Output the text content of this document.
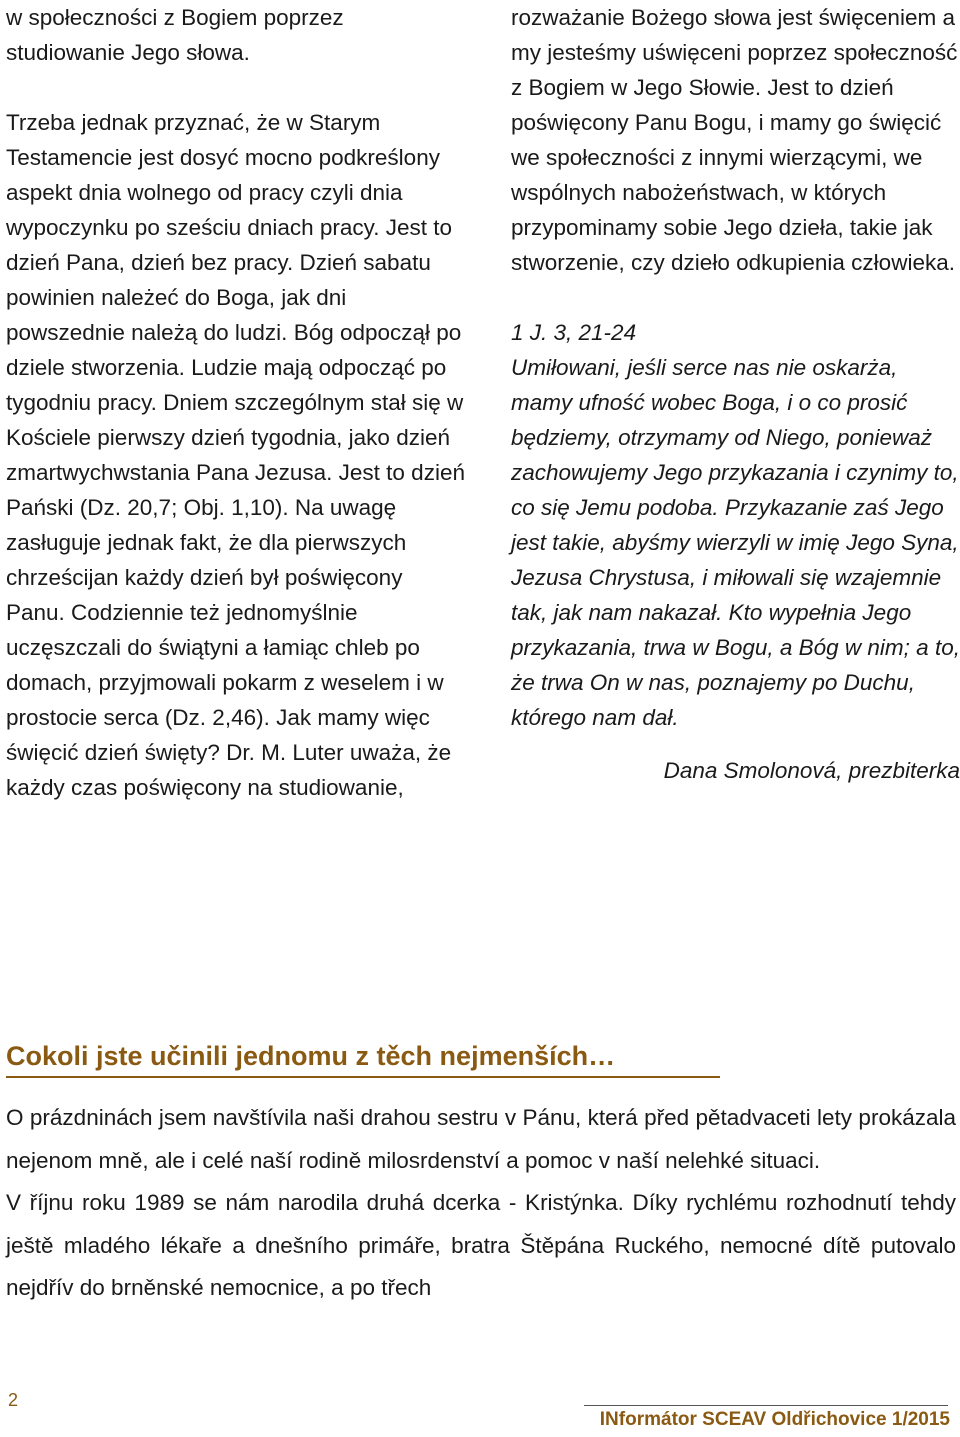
w społeczności z Bogiem poprzez studiowanie Jego słowa.

Trzeba jednak przyznać, że w Starym Testamencie jest dosyć mocno podkreślony aspekt dnia wolnego od pracy czyli dnia wypoczynku po sześciu dniach pracy. Jest to dzień Pana, dzień bez pracy. Dzień sabatu powinien należeć do Boga, jak dni powszednie należą do ludzi. Bóg odpoczął po dziele stworzenia. Ludzie mają odpocząć po tygodniu pracy. Dniem szczególnym stał się w Kościele pierwszy dzień tygodnia, jako dzień zmartwychwstania Pana Jezusa. Jest to dzień Pański (Dz. 20,7; Obj. 1,10). Na uwagę zasługuje jednak fakt, że dla pierwszych chrześcijan każdy dzień był poświęcony Panu. Codziennie też jednomyślnie uczęszczali do świątyni a łamiąc chleb po domach, przyjmowali pokarm z weselem i w prostocie serca (Dz. 2,46). Jak mamy więc święcić dzień święty? Dr. M. Luter uważa, że każdy czas poświęcony na studiowanie,

rozważanie Bożego słowa jest święceniem a my jesteśmy uświęceni poprzez społeczność z Bogiem w Jego Słowie. Jest to dzień poświęcony Panu Bogu, i mamy go święcić we społeczności z innymi wierzącymi, we wspólnych nabożeństwach, w których przypominamy sobie Jego dzieła, takie jak stworzenie, czy dzieło odkupienia człowieka.

1 J. 3, 21-24

Umiłowani, jeśli serce nas nie oskarża, mamy ufność wobec Boga, i o co prosić będziemy, otrzymamy od Niego, ponieważ zachowujemy Jego przykazania i czynimy to, co się Jemu podoba. Przykazanie zaś Jego jest takie, abyśmy wierzyli w imię Jego Syna, Jezusa Chrystusa, i miłowali się wzajemnie tak, jak nam nakazał. Kto wypełnia Jego przykazania, trwa w Bogu, a Bóg w nim; a to, że trwa On w nas, poznajemy po Duchu, którego nam dał.

Dana Smolonová, prezbiterka

Cokoli jste učinili jednomu z těch nejmenších…

O prázdninách jsem navštívila naši drahou sestru v Pánu, která před pětadvaceti lety prokázala nejenom mně, ale i celé naší rodině milosrdenství a pomoc v naší nelehké situaci.

V říjnu roku 1989 se nám narodila druhá dcerka - Kristýnka. Díky rychlému rozhodnutí tehdy ještě mladého lékaře a dnešního primáře, bratra Štěpána Ruckého, nemocné dítě putovalo nejdřív do brněnské nemocnice, a po třech

2
INformátor SCEAV Oldřichovice 1/2015
